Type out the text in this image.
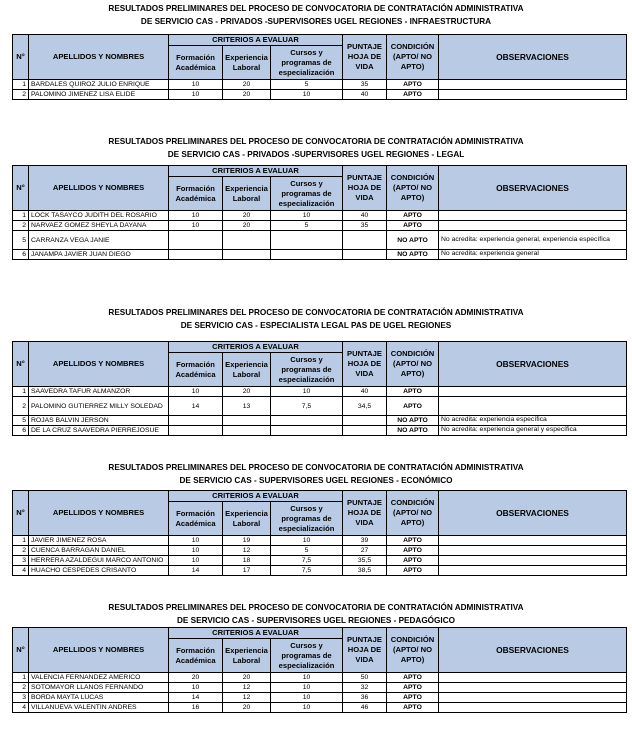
RESULTADOS PRELIMINARES DEL PROCESO DE CONVOCATORIA DE CONTRATACIÓN ADMINISTRATIVA
DE SERVICIO CAS - PRIVADOS -SUPERVISORES UGEL REGIONES - INFRAESTRUCTURA
N°	APELLIDOS Y NOMBRES	CRITERIOS A EVALUAR			PUNTAJE
HOJA DE
VIDA	CONDICIÓN
(APTO/ NO
APTO)	OBSERVACIONES
		Formación
Académica	Experiencia
Laboral	Cursos y
programas de
especialización			
1	BARDALES QUIROZ JULIO ENRIQUE	10	20	5	35	APTO	
2	PALOMINO JIMENEZ LISA ELIDE	10	20	10	40	APTO	
RESULTADOS PRELIMINARES DEL PROCESO DE CONVOCATORIA DE CONTRATACIÓN ADMINISTRATIVA
DE SERVICIO CAS - PRIVADOS -SUPERVISORES UGEL REGIONES - LEGAL
N°	APELLIDOS Y NOMBRES	CRITERIOS A EVALUAR			PUNTAJE
HOJA DE
VIDA	CONDICIÓN
(APTO/ NO
APTO)	OBSERVACIONES
		Formación
Académica	Experiencia
Laboral	Cursos y
programas de
especialización			
1	LOCK TASAYCO JUDITH DEL ROSARIO	10	20	10	40	APTO	
2	NARVAEZ GOMEZ SHEYLA DAYANA	10	20	5	35	APTO	
5	CARRANZA VEGA JANIE					NO APTO	No acredita: experiencia general, experiencia específica
6	JANAMPA JAVIER JUAN DIEGO					NO APTO	No acredita: experiencia general
RESULTADOS PRELIMINARES DEL PROCESO DE CONVOCATORIA DE CONTRATACIÓN ADMINISTRATIVA
DE SERVICIO CAS - ESPECIALISTA LEGAL PAS DE UGEL REGIONES
N°	APELLIDOS Y NOMBRES	CRITERIOS A EVALUAR			PUNTAJE
HOJA DE
VIDA	CONDICIÓN
(APTO/ NO
APTO)	OBSERVACIONES
		Formación
Académica	Experiencia
Laboral	Cursos y
programas de
especialización			
1	SAAVEDRA TAFUR ALMANZOR	10	20	10	40	APTO	
2	PALOMINO GUTIERREZ MILLY SOLEDAD	14	13	7,5	34,5	APTO	
5	ROJAS BALVIN JERSON					NO APTO	No acredita: experiencia específica
6	DE LA CRUZ SAAVEDRA PIERREJOSUE					NO APTO	No acredita: experiencia general y específica
RESULTADOS PRELIMINARES DEL PROCESO DE CONVOCATORIA DE CONTRATACIÓN ADMINISTRATIVA
DE SERVICIO CAS - SUPERVISORES UGEL REGIONES - ECONÓMICO
N°	APELLIDOS Y NOMBRES	CRITERIOS A EVALUAR			PUNTAJE
HOJA DE
VIDA	CONDICIÓN
(APTO/ NO
APTO)	OBSERVACIONES
		Formación
Académica	Experiencia
Laboral	Cursos y
programas de
especialización			
1	JAVIER JIMENEZ ROSA	10	19	10	39	APTO	
2	CUENCA BARRAGAN DANIEL	10	12	5	27	APTO	
3	HERRERA AZALDEGUI MARCO ANTONIO	10	18	7,5	35,5	APTO	
4	HUACHO CESPEDES CRISANTO	14	17	7,5	38,5	APTO	
RESULTADOS PRELIMINARES DEL PROCESO DE CONVOCATORIA DE CONTRATACIÓN ADMINISTRATIVA
DE SERVICIO CAS - SUPERVISORES UGEL REGIONES - PEDAGÓGICO
N°	APELLIDOS Y NOMBRES	CRITERIOS A EVALUAR			PUNTAJE
HOJA DE
VIDA	CONDICIÓN
(APTO/ NO
APTO)	OBSERVACIONES
		Formación
Académica	Experiencia
Laboral	Cursos y
programas de
especialización			
1	VALENCIA FERNANDEZ AMERICO	20	20	10	50	APTO	
2	SOTOMAYOR LLANOS FERNANDO	10	12	10	32	APTO	
3	BORDA MAYTA LUCAS	14	12	10	36	APTO	
4	VILLANUEVA VALENTIN ANDRES	16	20	10	46	APTO	
